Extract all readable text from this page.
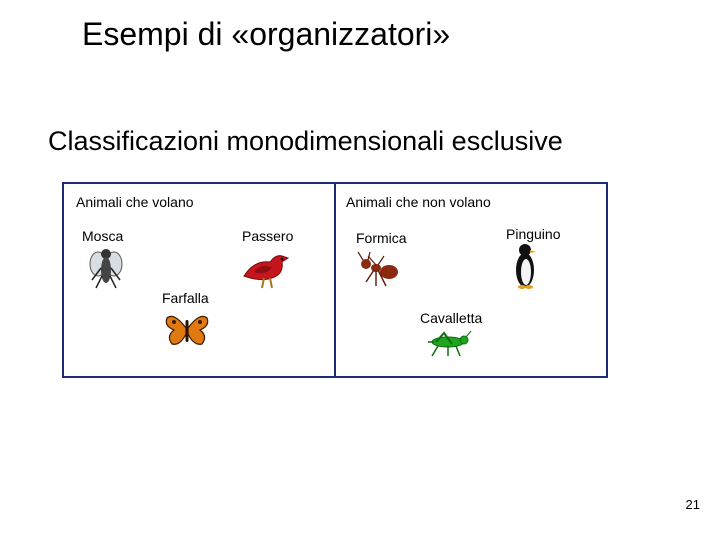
Esempi di «organizzatori»
Classificazioni monodimensionali esclusive
Animali che volano
Mosca	Passero
Farfalla
Animali che non volano
Formica	Pinguino
Cavalletta
21
